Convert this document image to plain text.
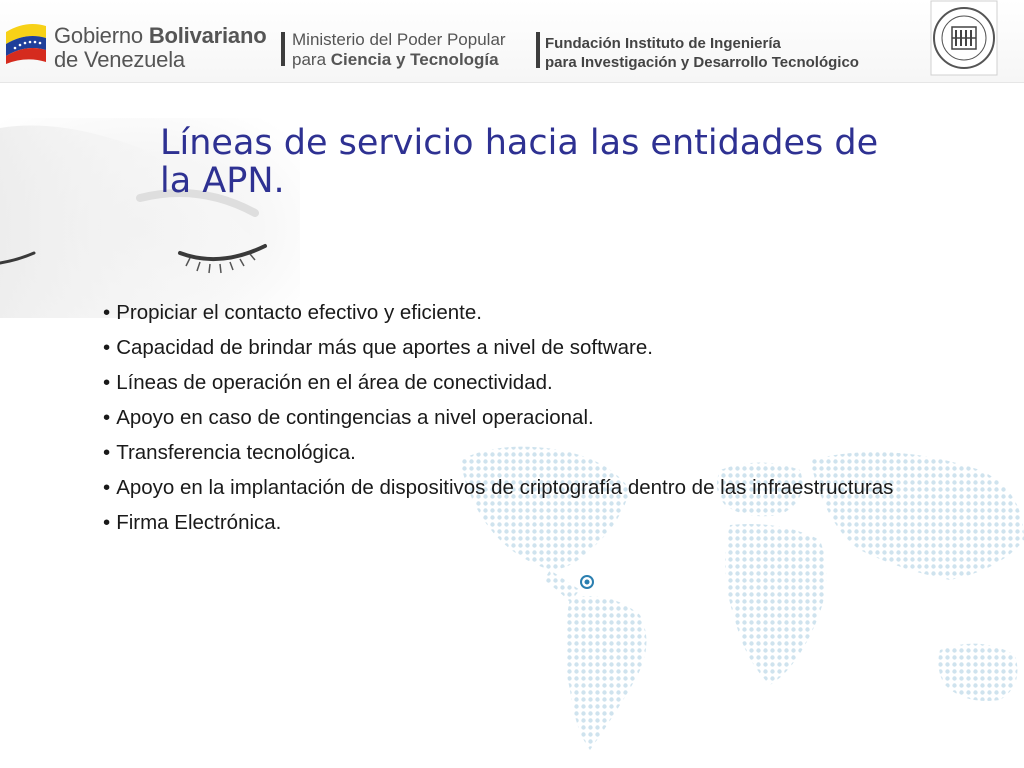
Gobierno Bolivariano
de Venezuela
Ministerio del Poder Popular
para Ciencia y Tecnología
Fundación Instituto de Ingeniería
para Investigación y Desarrollo Tecnológico
Líneas de servicio hacia las entidades de la APN.
• Propiciar el contacto efectivo y eficiente.
• Capacidad de brindar más que aportes a nivel de software.
• Líneas de operación en el área de conectividad.
• Apoyo en caso de contingencias a nivel operacional.
• Transferencia tecnológica.
• Apoyo en la implantación de dispositivos de criptografía dentro de las infraestructuras
• Firma Electrónica.
